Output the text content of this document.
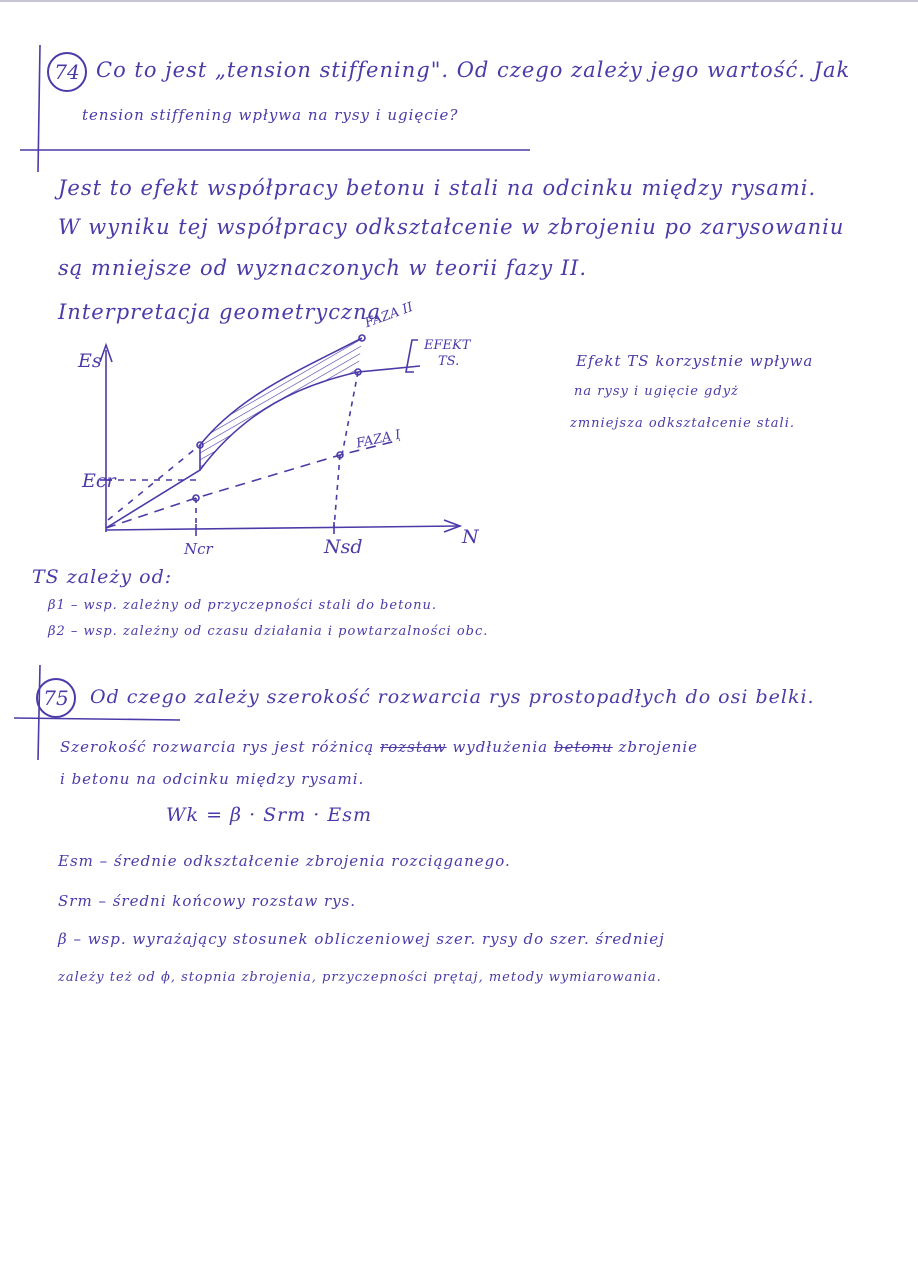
74 Co to jest „tension stiffening". Od czego zależy jego wartość. Jak
tension stiffening wpływa na rysy i ugięcie?
Jest to efekt współpracy betonu i stali na odcinku między rysami.
W wyniku tej współpracy odkształcenie w zbrojeniu po zarysowaniu
są mniejsze od wyznaczonych w teorii fazy II.
Interpretacja geometryczna
Es
Ecr
N
Ncr	Nsd
FAZA II
FAZA I
EFEKT
TS.	Efekt TS korzystnie wpływa
na rysy i ugięcie gdyż
zmniejsza odkształcenie stali.
TS zależy od:
β1 – wsp. zależny od przyczepności stali do betonu.
β2 – wsp. zależny od czasu działania i powtarzalności obc.
75 Od czego zależy szerokość rozwarcia rys prostopadłych do osi belki.
Szerokość rozwarcia rys jest różnicą rozstaw wydłużenia betonu zbrojenie
i betonu na odcinku między rysami.
Wk = β · Srm · Esm
Esm – średnie odkształcenie zbrojenia rozciąganego.
Srm – średni końcowy rozstaw rys.
β – wsp. wyrażający stosunek obliczeniowej szer. rysy do szer. średniej
zależy też od ϕ, stopnia zbrojenia, przyczepności prętaj, metody wymiarowania.
